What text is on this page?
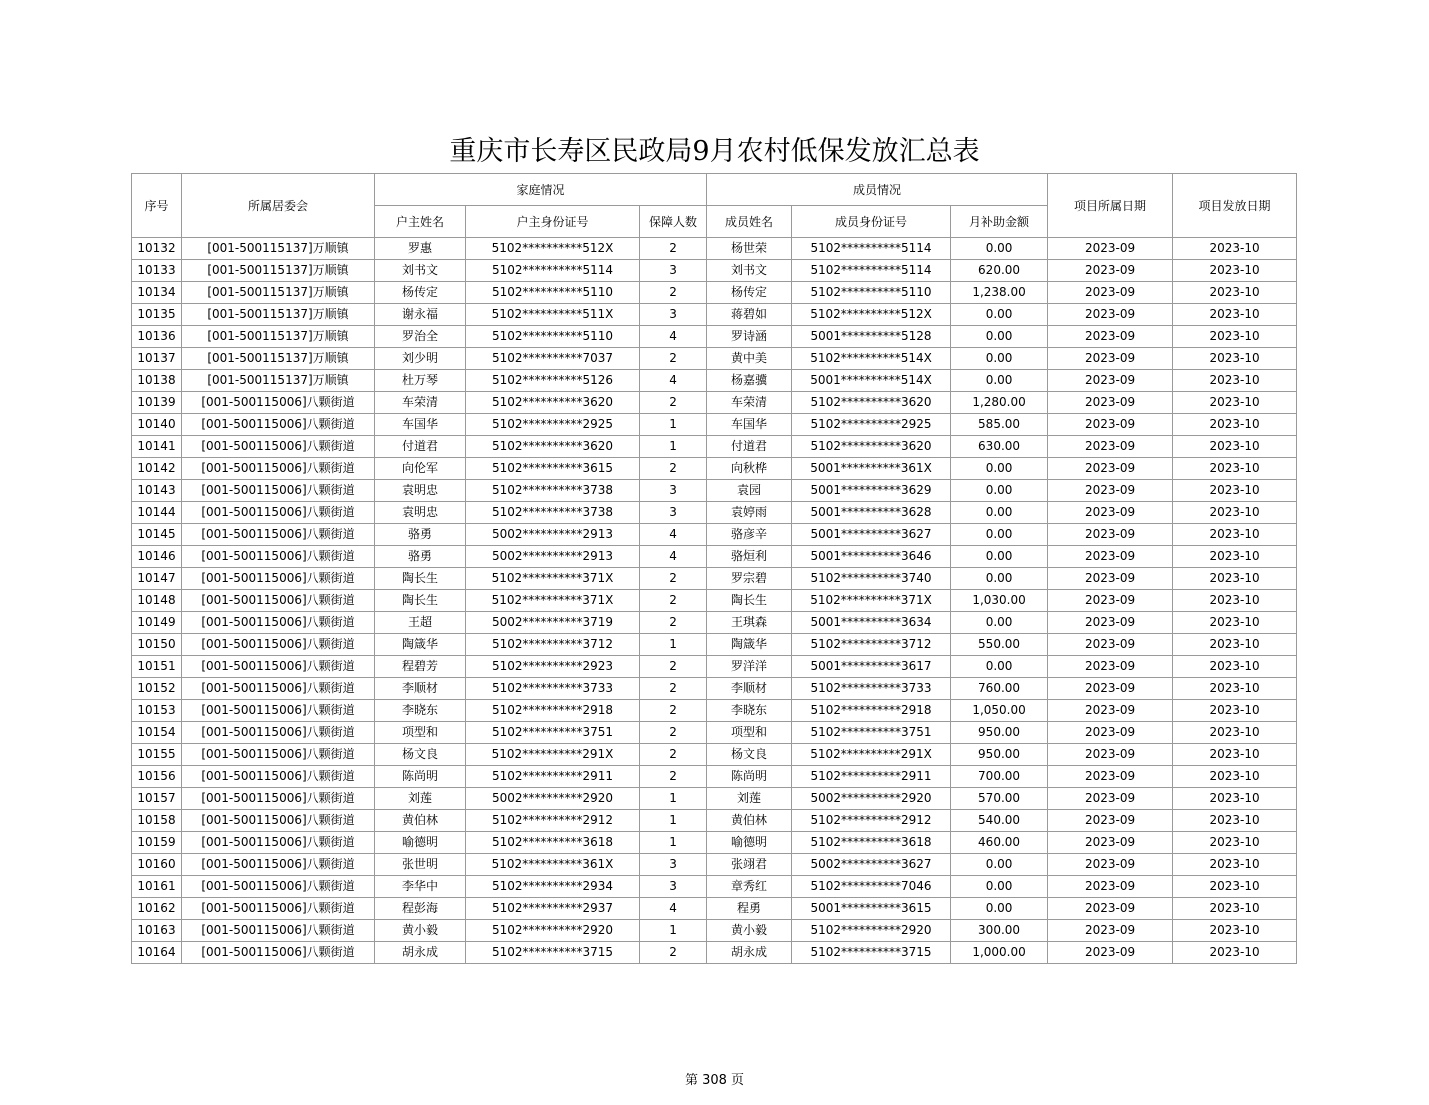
重庆市长寿区民政局9月农村低保发放汇总表
序号	所属居委会	家庭情况			成员情况			项目所属日期	项目发放日期
		户主姓名	户主身份证号	保障人数	成员姓名	成员身份证号	月补助金额		
10132	[001-500115137]万顺镇	罗惠	5102**********512X	2	杨世荣	5102**********5114	0.00	2023-09	2023-10
10133	[001-500115137]万顺镇	刘书文	5102**********5114	3	刘书文	5102**********5114	620.00	2023-09	2023-10
10134	[001-500115137]万顺镇	杨传定	5102**********5110	2	杨传定	5102**********5110	1,238.00	2023-09	2023-10
10135	[001-500115137]万顺镇	谢永福	5102**********511X	3	蒋碧如	5102**********512X	0.00	2023-09	2023-10
10136	[001-500115137]万顺镇	罗治全	5102**********5110	4	罗诗涵	5001**********5128	0.00	2023-09	2023-10
10137	[001-500115137]万顺镇	刘少明	5102**********7037	2	黄中美	5102**********514X	0.00	2023-09	2023-10
10138	[001-500115137]万顺镇	杜万琴	5102**********5126	4	杨嘉骥	5001**********514X	0.00	2023-09	2023-10
10139	[001-500115006]八颗街道	车荣清	5102**********3620	2	车荣清	5102**********3620	1,280.00	2023-09	2023-10
10140	[001-500115006]八颗街道	车国华	5102**********2925	1	车国华	5102**********2925	585.00	2023-09	2023-10
10141	[001-500115006]八颗街道	付道君	5102**********3620	1	付道君	5102**********3620	630.00	2023-09	2023-10
10142	[001-500115006]八颗街道	向伦军	5102**********3615	2	向秋桦	5001**********361X	0.00	2023-09	2023-10
10143	[001-500115006]八颗街道	袁明忠	5102**********3738	3	袁园	5001**********3629	0.00	2023-09	2023-10
10144	[001-500115006]八颗街道	袁明忠	5102**********3738	3	袁婷雨	5001**********3628	0.00	2023-09	2023-10
10145	[001-500115006]八颗街道	骆勇	5002**********2913	4	骆彦辛	5001**********3627	0.00	2023-09	2023-10
10146	[001-500115006]八颗街道	骆勇	5002**********2913	4	骆烜利	5001**********3646	0.00	2023-09	2023-10
10147	[001-500115006]八颗街道	陶长生	5102**********371X	2	罗宗碧	5102**********3740	0.00	2023-09	2023-10
10148	[001-500115006]八颗街道	陶长生	5102**********371X	2	陶长生	5102**********371X	1,030.00	2023-09	2023-10
10149	[001-500115006]八颗街道	王超	5002**********3719	2	王琪森	5001**********3634	0.00	2023-09	2023-10
10150	[001-500115006]八颗街道	陶箴华	5102**********3712	1	陶箴华	5102**********3712	550.00	2023-09	2023-10
10151	[001-500115006]八颗街道	程碧芳	5102**********2923	2	罗洋洋	5001**********3617	0.00	2023-09	2023-10
10152	[001-500115006]八颗街道	李顺材	5102**********3733	2	李顺材	5102**********3733	760.00	2023-09	2023-10
10153	[001-500115006]八颗街道	李晓东	5102**********2918	2	李晓东	5102**********2918	1,050.00	2023-09	2023-10
10154	[001-500115006]八颗街道	项型和	5102**********3751	2	项型和	5102**********3751	950.00	2023-09	2023-10
10155	[001-500115006]八颗街道	杨文良	5102**********291X	2	杨文良	5102**********291X	950.00	2023-09	2023-10
10156	[001-500115006]八颗街道	陈尚明	5102**********2911	2	陈尚明	5102**********2911	700.00	2023-09	2023-10
10157	[001-500115006]八颗街道	刘莲	5002**********2920	1	刘莲	5002**********2920	570.00	2023-09	2023-10
10158	[001-500115006]八颗街道	黄伯林	5102**********2912	1	黄伯林	5102**********2912	540.00	2023-09	2023-10
10159	[001-500115006]八颗街道	喻德明	5102**********3618	1	喻德明	5102**********3618	460.00	2023-09	2023-10
10160	[001-500115006]八颗街道	张世明	5102**********361X	3	张翊君	5002**********3627	0.00	2023-09	2023-10
10161	[001-500115006]八颗街道	李华中	5102**********2934	3	章秀红	5102**********7046	0.00	2023-09	2023-10
10162	[001-500115006]八颗街道	程彭海	5102**********2937	4	程勇	5001**********3615	0.00	2023-09	2023-10
10163	[001-500115006]八颗街道	黄小毅	5102**********2920	1	黄小毅	5102**********2920	300.00	2023-09	2023-10
10164	[001-500115006]八颗街道	胡永成	5102**********3715	2	胡永成	5102**********3715	1,000.00	2023-09	2023-10
第 308 页
